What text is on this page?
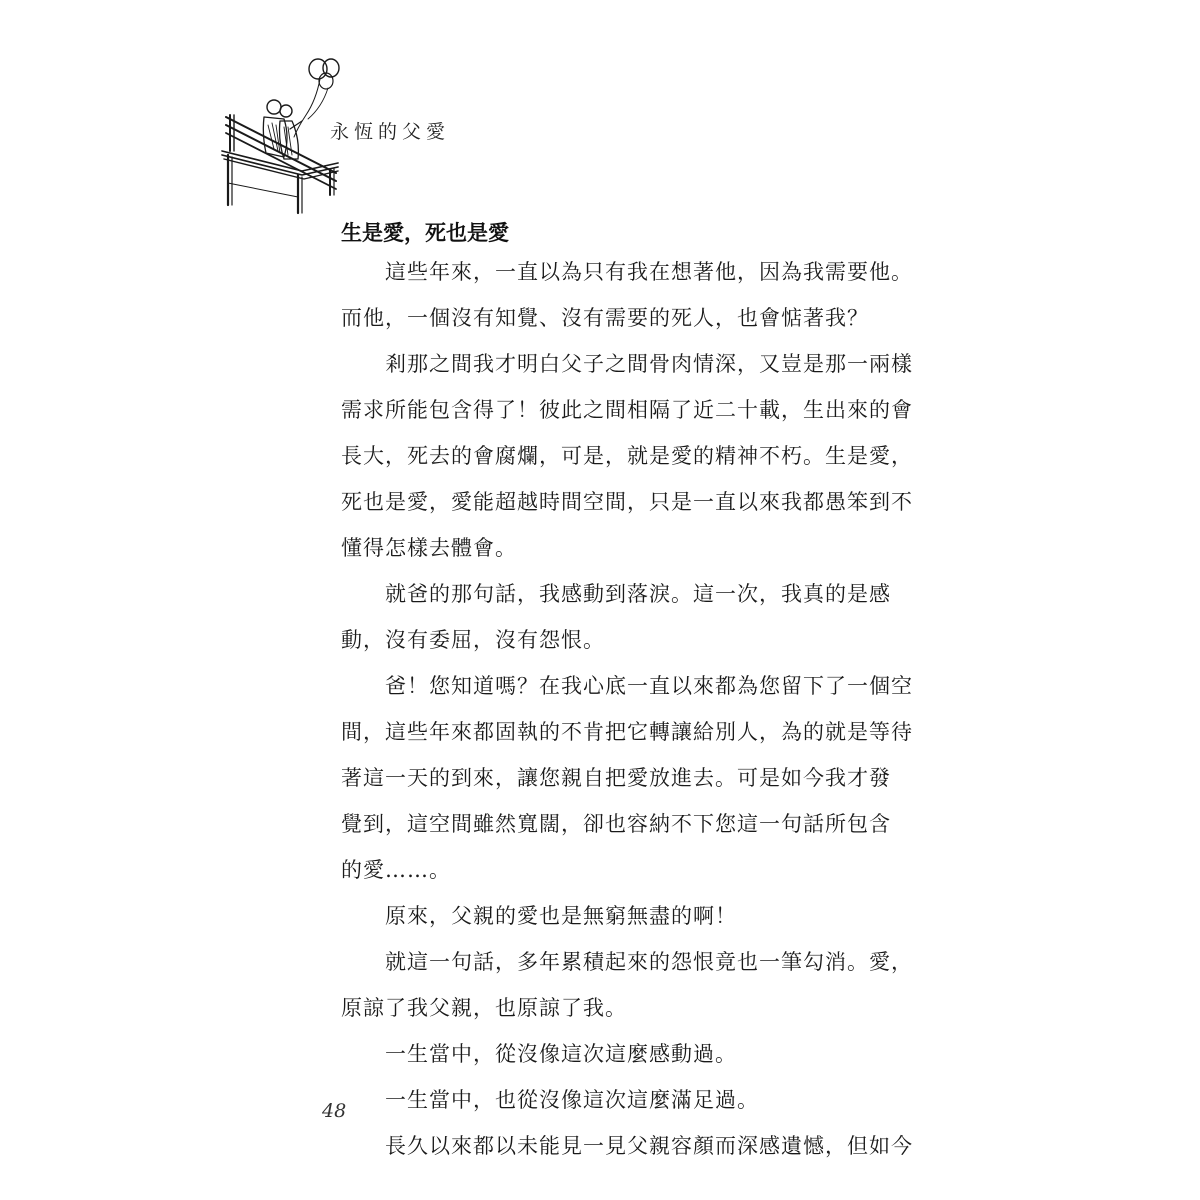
永恆的父愛
生是愛，死也是愛
這些年來，一直以為只有我在想著他，因為我需要他。
而他，一個沒有知覺、沒有需要的死人，也會惦著我？
剎那之間我才明白父子之間骨肉情深，又豈是那一兩樣
需求所能包含得了！彼此之間相隔了近二十載，生出來的會
長大，死去的會腐爛，可是，就是愛的精神不朽。生是愛，
死也是愛，愛能超越時間空間，只是一直以來我都愚笨到不
懂得怎樣去體會。
就爸的那句話，我感動到落淚。這一次，我真的是感
動，沒有委屈，沒有怨恨。
爸！您知道嗎？在我心底一直以來都為您留下了一個空
間，這些年來都固執的不肯把它轉讓給別人，為的就是等待
著這一天的到來，讓您親自把愛放進去。可是如今我才發
覺到，這空間雖然寬闊，卻也容納不下您這一句話所包含
的愛……。
原來，父親的愛也是無窮無盡的啊！
就這一句話，多年累積起來的怨恨竟也一筆勾消。愛，
原諒了我父親，也原諒了我。
一生當中，從沒像這次這麼感動過。
一生當中，也從沒像這次這麼滿足過。
長久以來都以未能見一見父親容顏而深感遺憾，但如今
48
